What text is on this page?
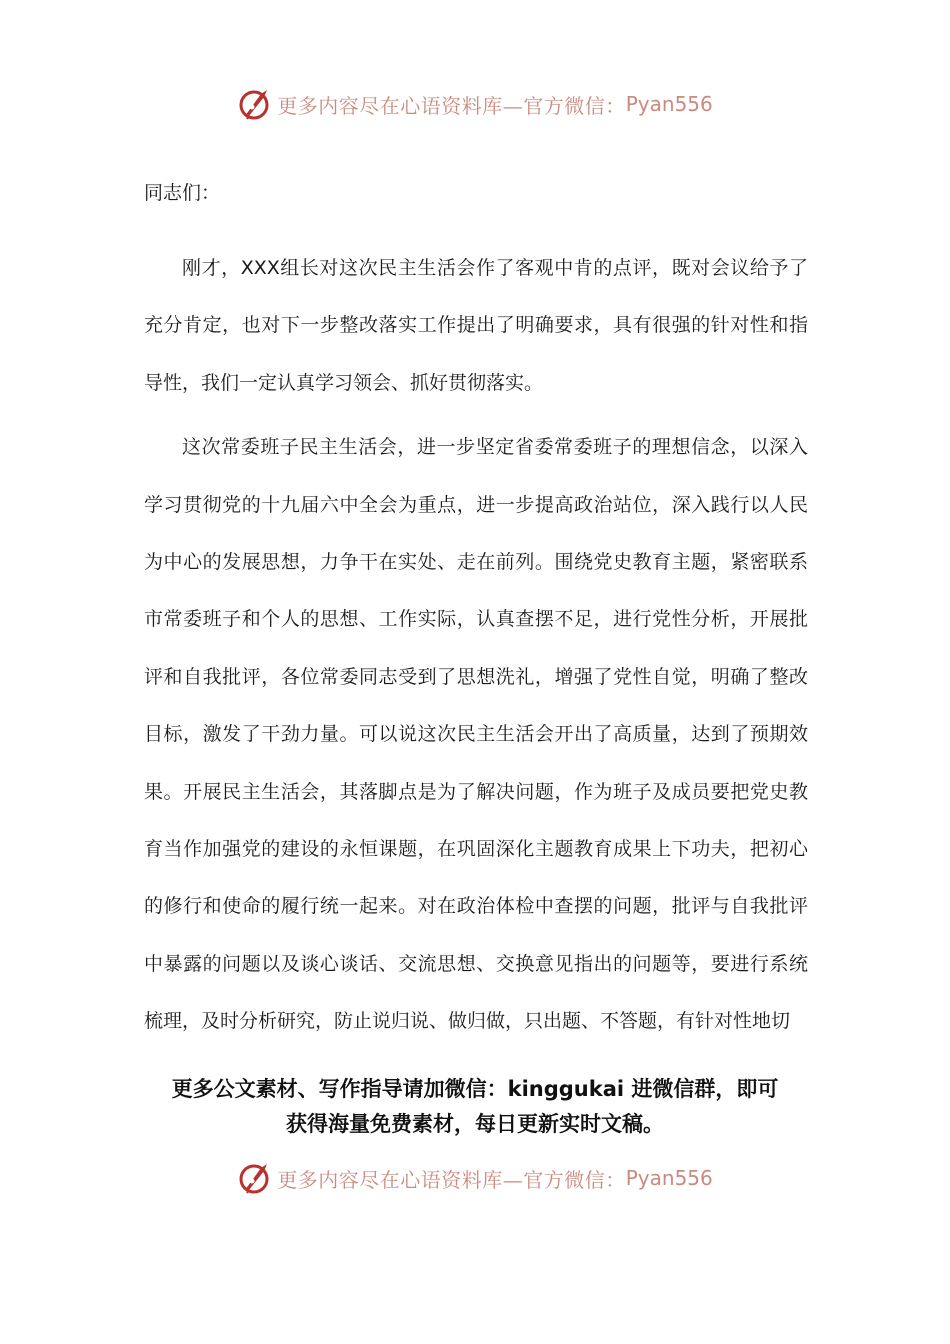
更多内容尽在心语资料库—官方微信： Pyan556

同志们：

刚才，XXX组长对这次民主生活会作了客观中肯的点评，既对会议给予了充分肯定，也对下一步整改落实工作提出了明确要求，具有很强的针对性和指导性，我们一定认真学习领会、抓好贯彻落实。

这次常委班子民主生活会，进一步坚定省委常委班子的理想信念，以深入学习贯彻党的十九届六中全会为重点，进一步提高政治站位，深入践行以人民为中心的发展思想，力争干在实处、走在前列。围绕党史教育主题，紧密联系市常委班子和个人的思想、工作实际，认真查摆不足，进行党性分析，开展批评和自我批评，各位常委同志受到了思想洗礼，增强了党性自觉，明确了整改目标，激发了干劲力量。可以说这次民主生活会开出了高质量，达到了预期效果。开展民主生活会，其落脚点是为了解决问题，作为班子及成员要把党史教育当作加强党的建设的永恒课题，在巩固深化主题教育成果上下功夫，把初心的修行和使命的履行统一起来。对在政治体检中查摆的问题，批评与自我批评中暴露的问题以及谈心谈话、交流思想、交换意见指出的问题等，要进行系统梳理，及时分析研究，防止说归说、做归做，只出题、不答题，有针对性地切

更多公文素材、写作指导请加微信：kinggukai 进微信群，即可
获得海量免费素材，每日更新实时文稿。
更多内容尽在心语资料库—官方微信： Pyan556
